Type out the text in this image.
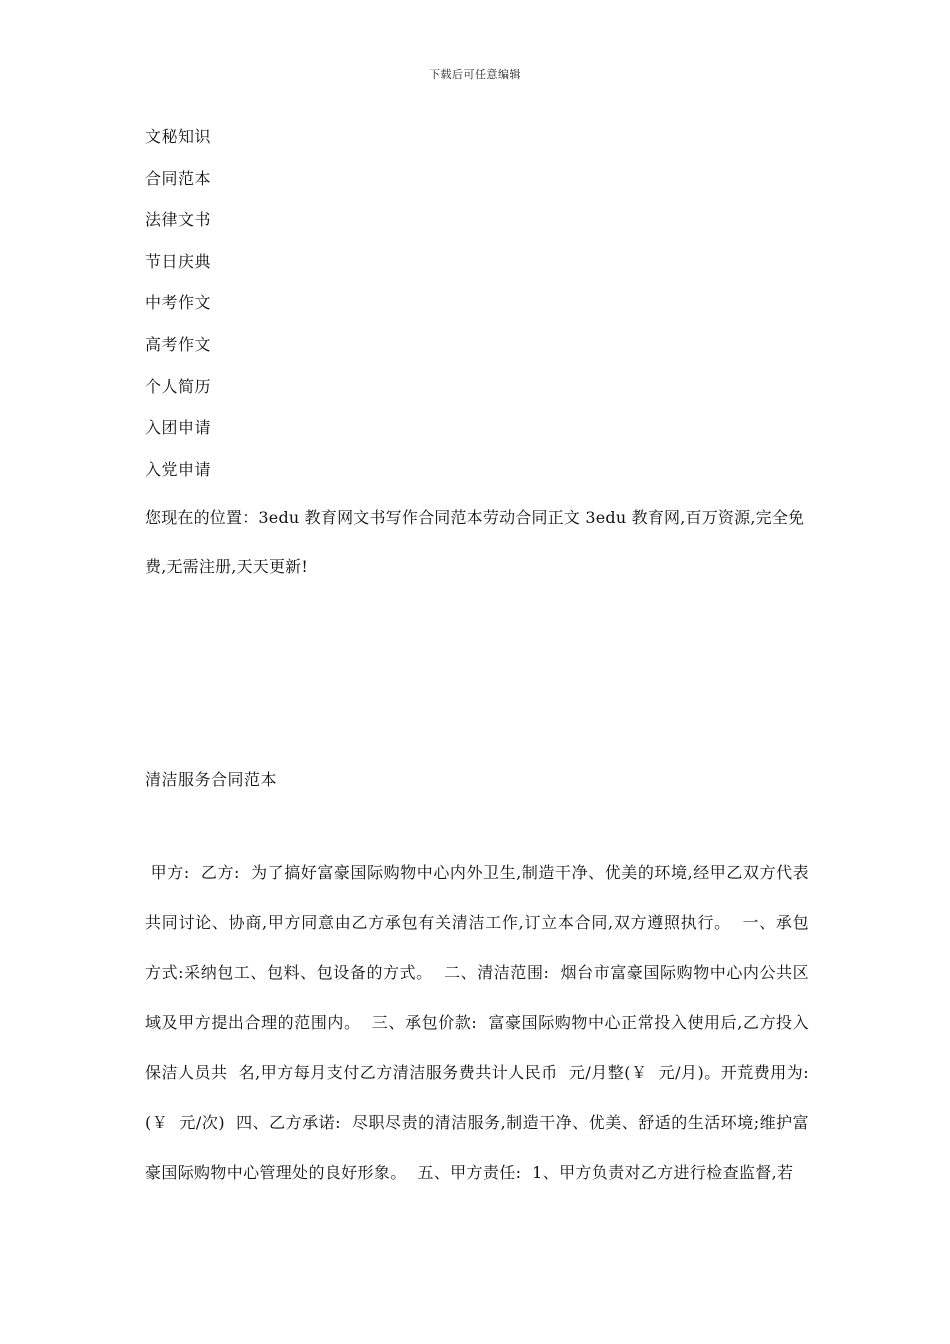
下载后可任意编辑
文秘知识
合同范本
法律文书
节日庆典
中考作文
高考作文
个人简历
入团申请
入党申请
您现在的位置：3edu 教育网文书写作合同范本劳动合同正文 3edu 教育网,百万资源,完全免费,无需注册,天天更新!
清洁服务合同范本
甲方:  乙方:  为了搞好富豪国际购物中心内外卫生,制造干净、优美的环境,经甲乙双方代表共同讨论、协商,甲方同意由乙方承包有关清洁工作,订立本合同,双方遵照执行。  一、承包方式:采纳包工、包料、包设备的方式。  二、清洁范围:  烟台市富豪国际购物中心内公共区域及甲方提出合理的范围内。  三、承包价款:  富豪国际购物中心正常投入使用后,乙方投入保洁人员共  名,甲方每月支付乙方清洁服务费共计人民币  元/月整(￥  元/月)。开荒费用为:(￥  元/次)  四、乙方承诺:  尽职尽责的清洁服务,制造干净、优美、舒适的生活环境;维护富豪国际购物中心管理处的良好形象。  五、甲方责任:  1、甲方负责对乙方进行检查监督,若
